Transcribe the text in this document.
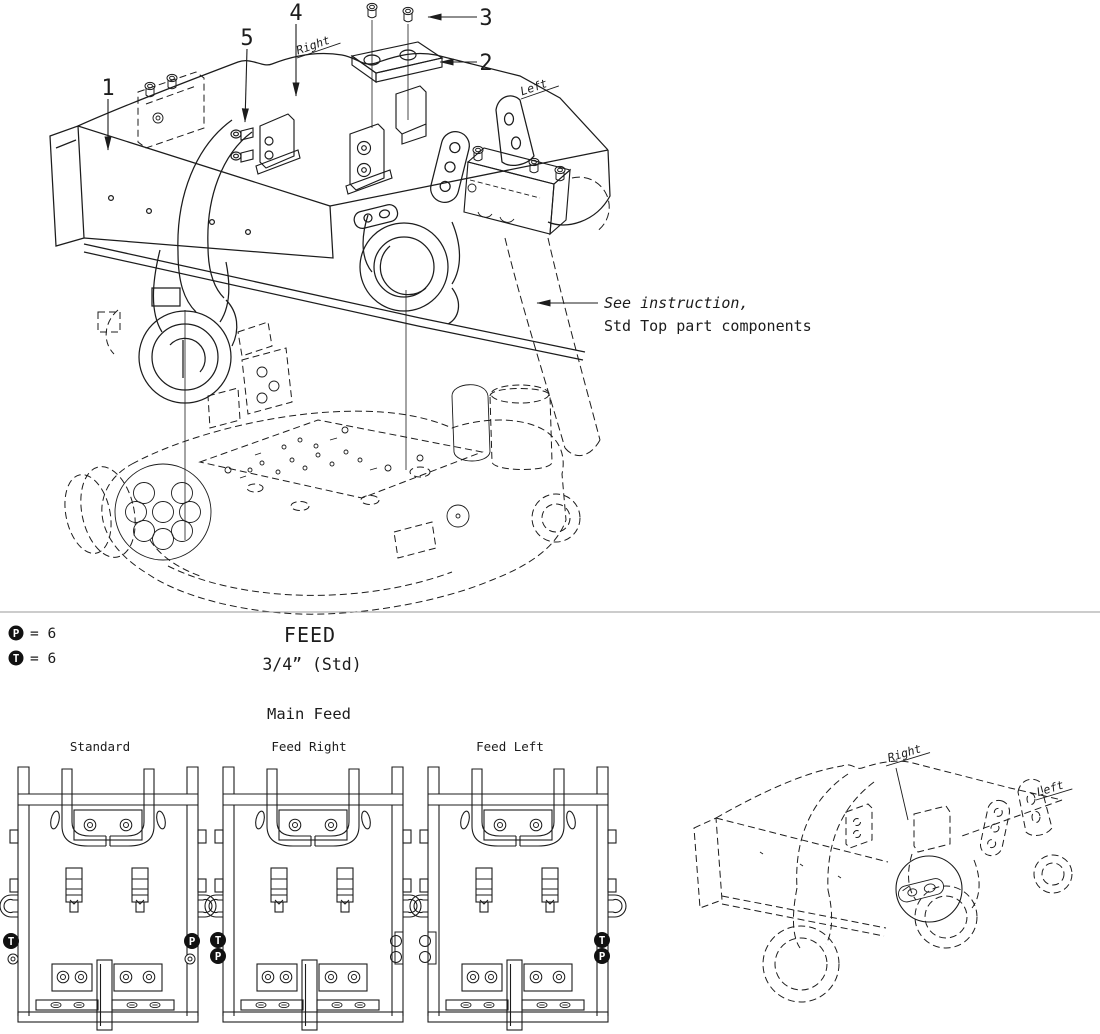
1
5
4	3
2
Right
Left
See instruction,
Std Top part components
P = 6
T = 6
FEED
3/4” (Std)
Main Feed
Standard
T	P
Feed Right
T
P
Feed Left
T
P
Right
Left
